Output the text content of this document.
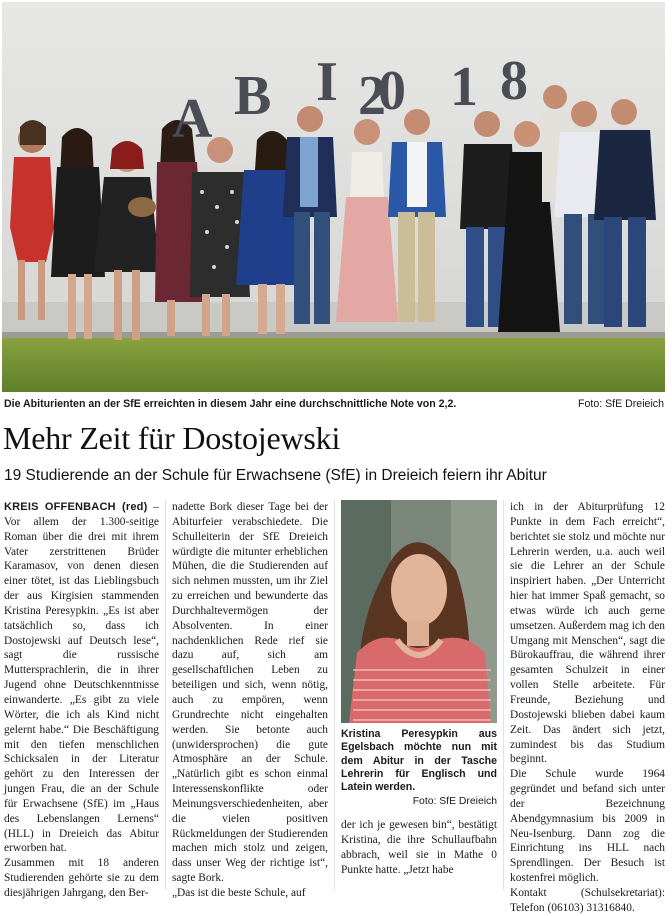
A B I 2
0 1 8
Die Abiturienten an der SfE erreichten in diesem Jahr eine durchschnittliche Note von 2,2.	Foto: SfE Dreieich
Mehr Zeit für Dostojewski
19 Studierende an der Schule für Erwachsene (SfE) in Dreieich feiern ihr Abitur

KREIS OFFENBACH (red) – Vor allem der 1.300-seitige Roman über die drei mit ihrem Vater zerstrittenen Brüder Karamasov, von denen diesen einer tötet, ist das Lieblingsbuch der aus Kirgisien stammenden Kristina Peresypkin. „Es ist aber tatsächlich so, dass ich Dostojewski auf Deutsch lese“, sagt die russische Muttersprachlerin, die in ihrer Jugend ohne Deutschkenntnisse einwanderte. „Es gibt zu viele Wörter, die ich als Kind nicht gelernt habe.“ Die Beschäftigung mit den tiefen menschlichen Schicksalen in der Literatur gehört zu den Interessen der jungen Frau, die an der Schule für Erwachsene (SfE) im „Haus des Lebenslangen Lernens“ (HLL) in Dreieich das Abitur erworben hat.

Zusammen mit 18 anderen Studierenden gehörte sie zu dem diesjährigen Jahrgang, den Ber-

nadette Bork dieser Tage bei der Abiturfeier verabschiedete. Die Schulleiterin der SfE Dreieich würdigte die mitunter erheblichen Mühen, die die Studierenden auf sich nehmen mussten, um ihr Ziel zu erreichen und bewunderte das Durchhaltevermögen der Absolventen. In einer nachdenklichen Rede rief sie dazu auf, sich am gesellschaftlichen Leben zu beteiligen und sich, wenn nötig, auch zu empören, wenn Grundrechte nicht eingehalten werden. Sie betonte auch (unwidersprochen) die gute Atmosphäre an der Schule. „Natürlich gibt es schon einmal Interessenskonflikte oder Meinungsverschiedenheiten, aber die vielen positiven Rückmeldungen der Studierenden machen mich stolz und zeigen, dass unser Weg der richtige ist“, sagte Bork.

„Das ist die beste Schule, auf

Kristina Peresypkin aus Egelsbach möchte nun mit dem Abitur in der Tasche Lehrerin für Englisch und Latein werden.
Foto: SfE Dreieich

der ich je gewesen bin“, bestätigt Kristina, die ihre Schullaufbahn abbrach, weil sie in Mathe 0 Punkte hatte. „Jetzt habe

ich in der Abiturprüfung 12 Punkte in dem Fach erreicht“, berichtet sie stolz und möchte nur Lehrerin werden, u.a. auch weil sie die Lehrer an der Schule inspiriert haben. „Der Unterricht hier hat immer Spaß gemacht, so etwas würde ich auch gerne umsetzen. Außerdem mag ich den Umgang mit Menschen“, sagt die Bürokauffrau, die während ihrer gesamten Schulzeit in einer vollen Stelle arbeitete. Für Freunde, Beziehung und Dostojewski blieben dabei kaum Zeit. Das ändert sich jetzt, zumindest bis das Studium beginnt.

Die Schule wurde 1964 gegründet und befand sich unter der Bezeichnung Abendgymnasium bis 2009 in Neu-Isenburg. Dann zog die Einrichtung ins HLL nach Sprendlingen. Der Besuch ist kostenfrei möglich.

Kontakt (Schulsekretariat): Telefon (06103) 31316840.
